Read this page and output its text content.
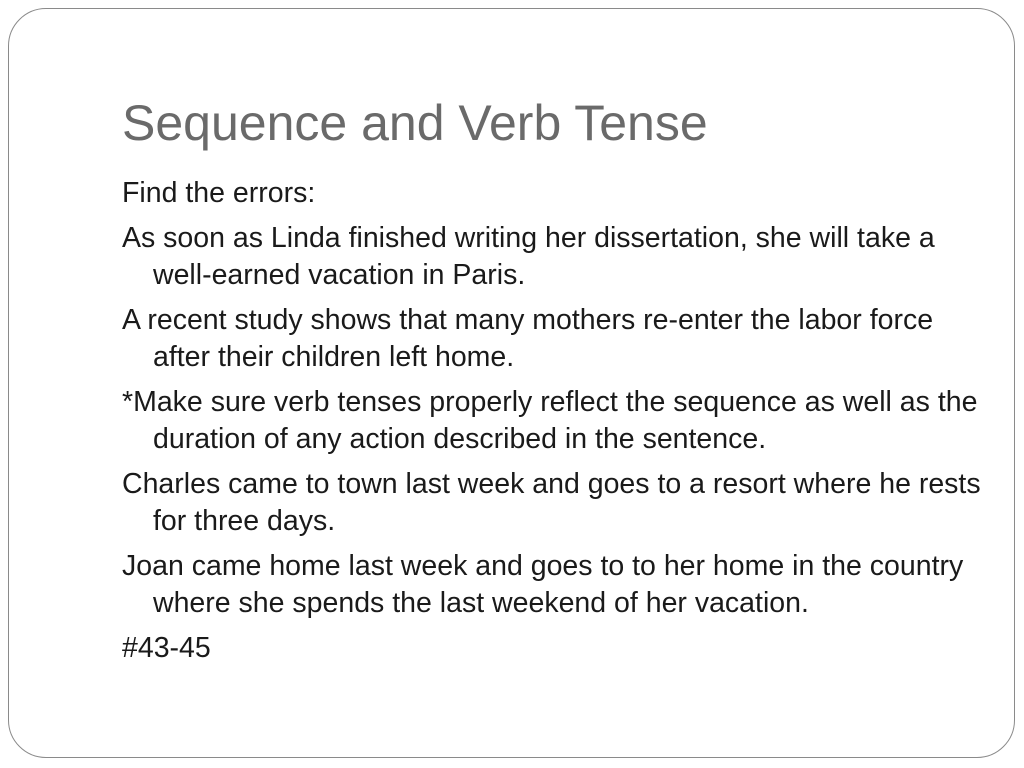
Sequence and Verb Tense
Find the errors:
As soon as Linda finished writing her dissertation, she will take a well-earned vacation in Paris.
A recent study shows that many mothers re-enter the labor force after their children left home.
*Make sure verb tenses properly reflect the sequence as well as the duration of any action described in the sentence.
Charles came to town last week and goes to a resort where he rests for three days.
Joan came home last week and goes to to her home in the country where she spends the last weekend of her vacation.
#43-45
